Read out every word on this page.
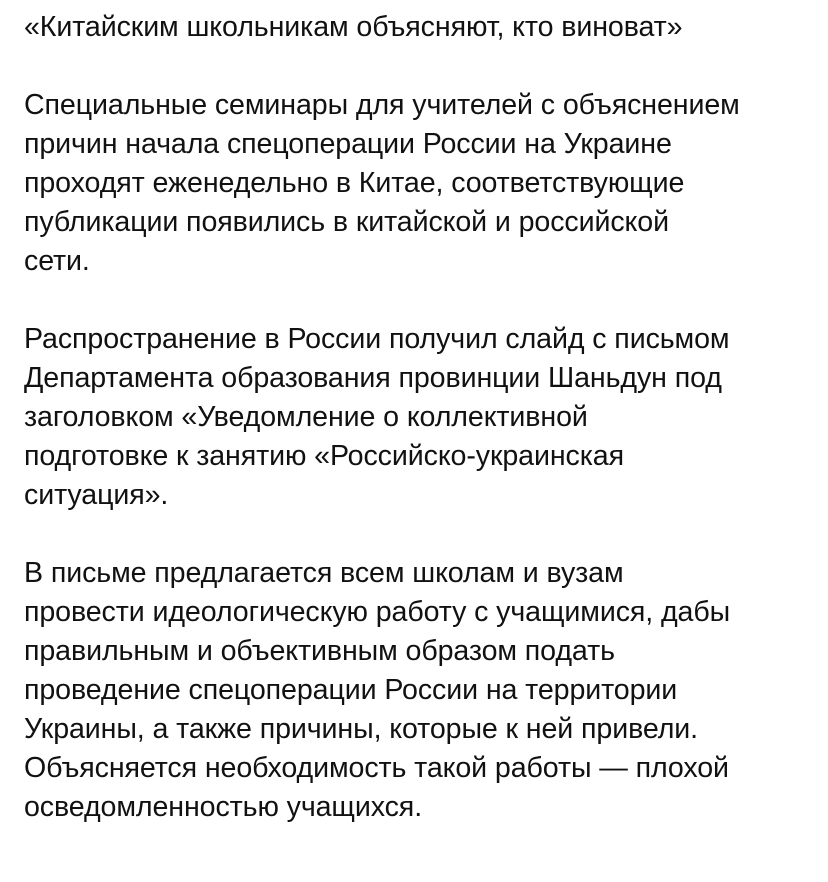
«Китайским школьникам объясняют, кто виноват»

Специальные семинары для учителей с объяснением
причин начала спецоперации России на Украине
проходят еженедельно в Китае, соответствующие
публикации появились в китайской и российской
сети.

Распространение в России получил слайд с письмом
Департамента образования провинции Шаньдун под
заголовком «Уведомление о коллективной
подготовке к занятию «Российско-украинская
ситуация».

В письме предлагается всем школам и вузам
провести идеологическую работу с учащимися, дабы
правильным и объективным образом подать
проведение спецоперации России на территории
Украины, а также причины, которые к ней привели.
Объясняется необходимость такой работы — плохой
осведомленностью учащихся.
